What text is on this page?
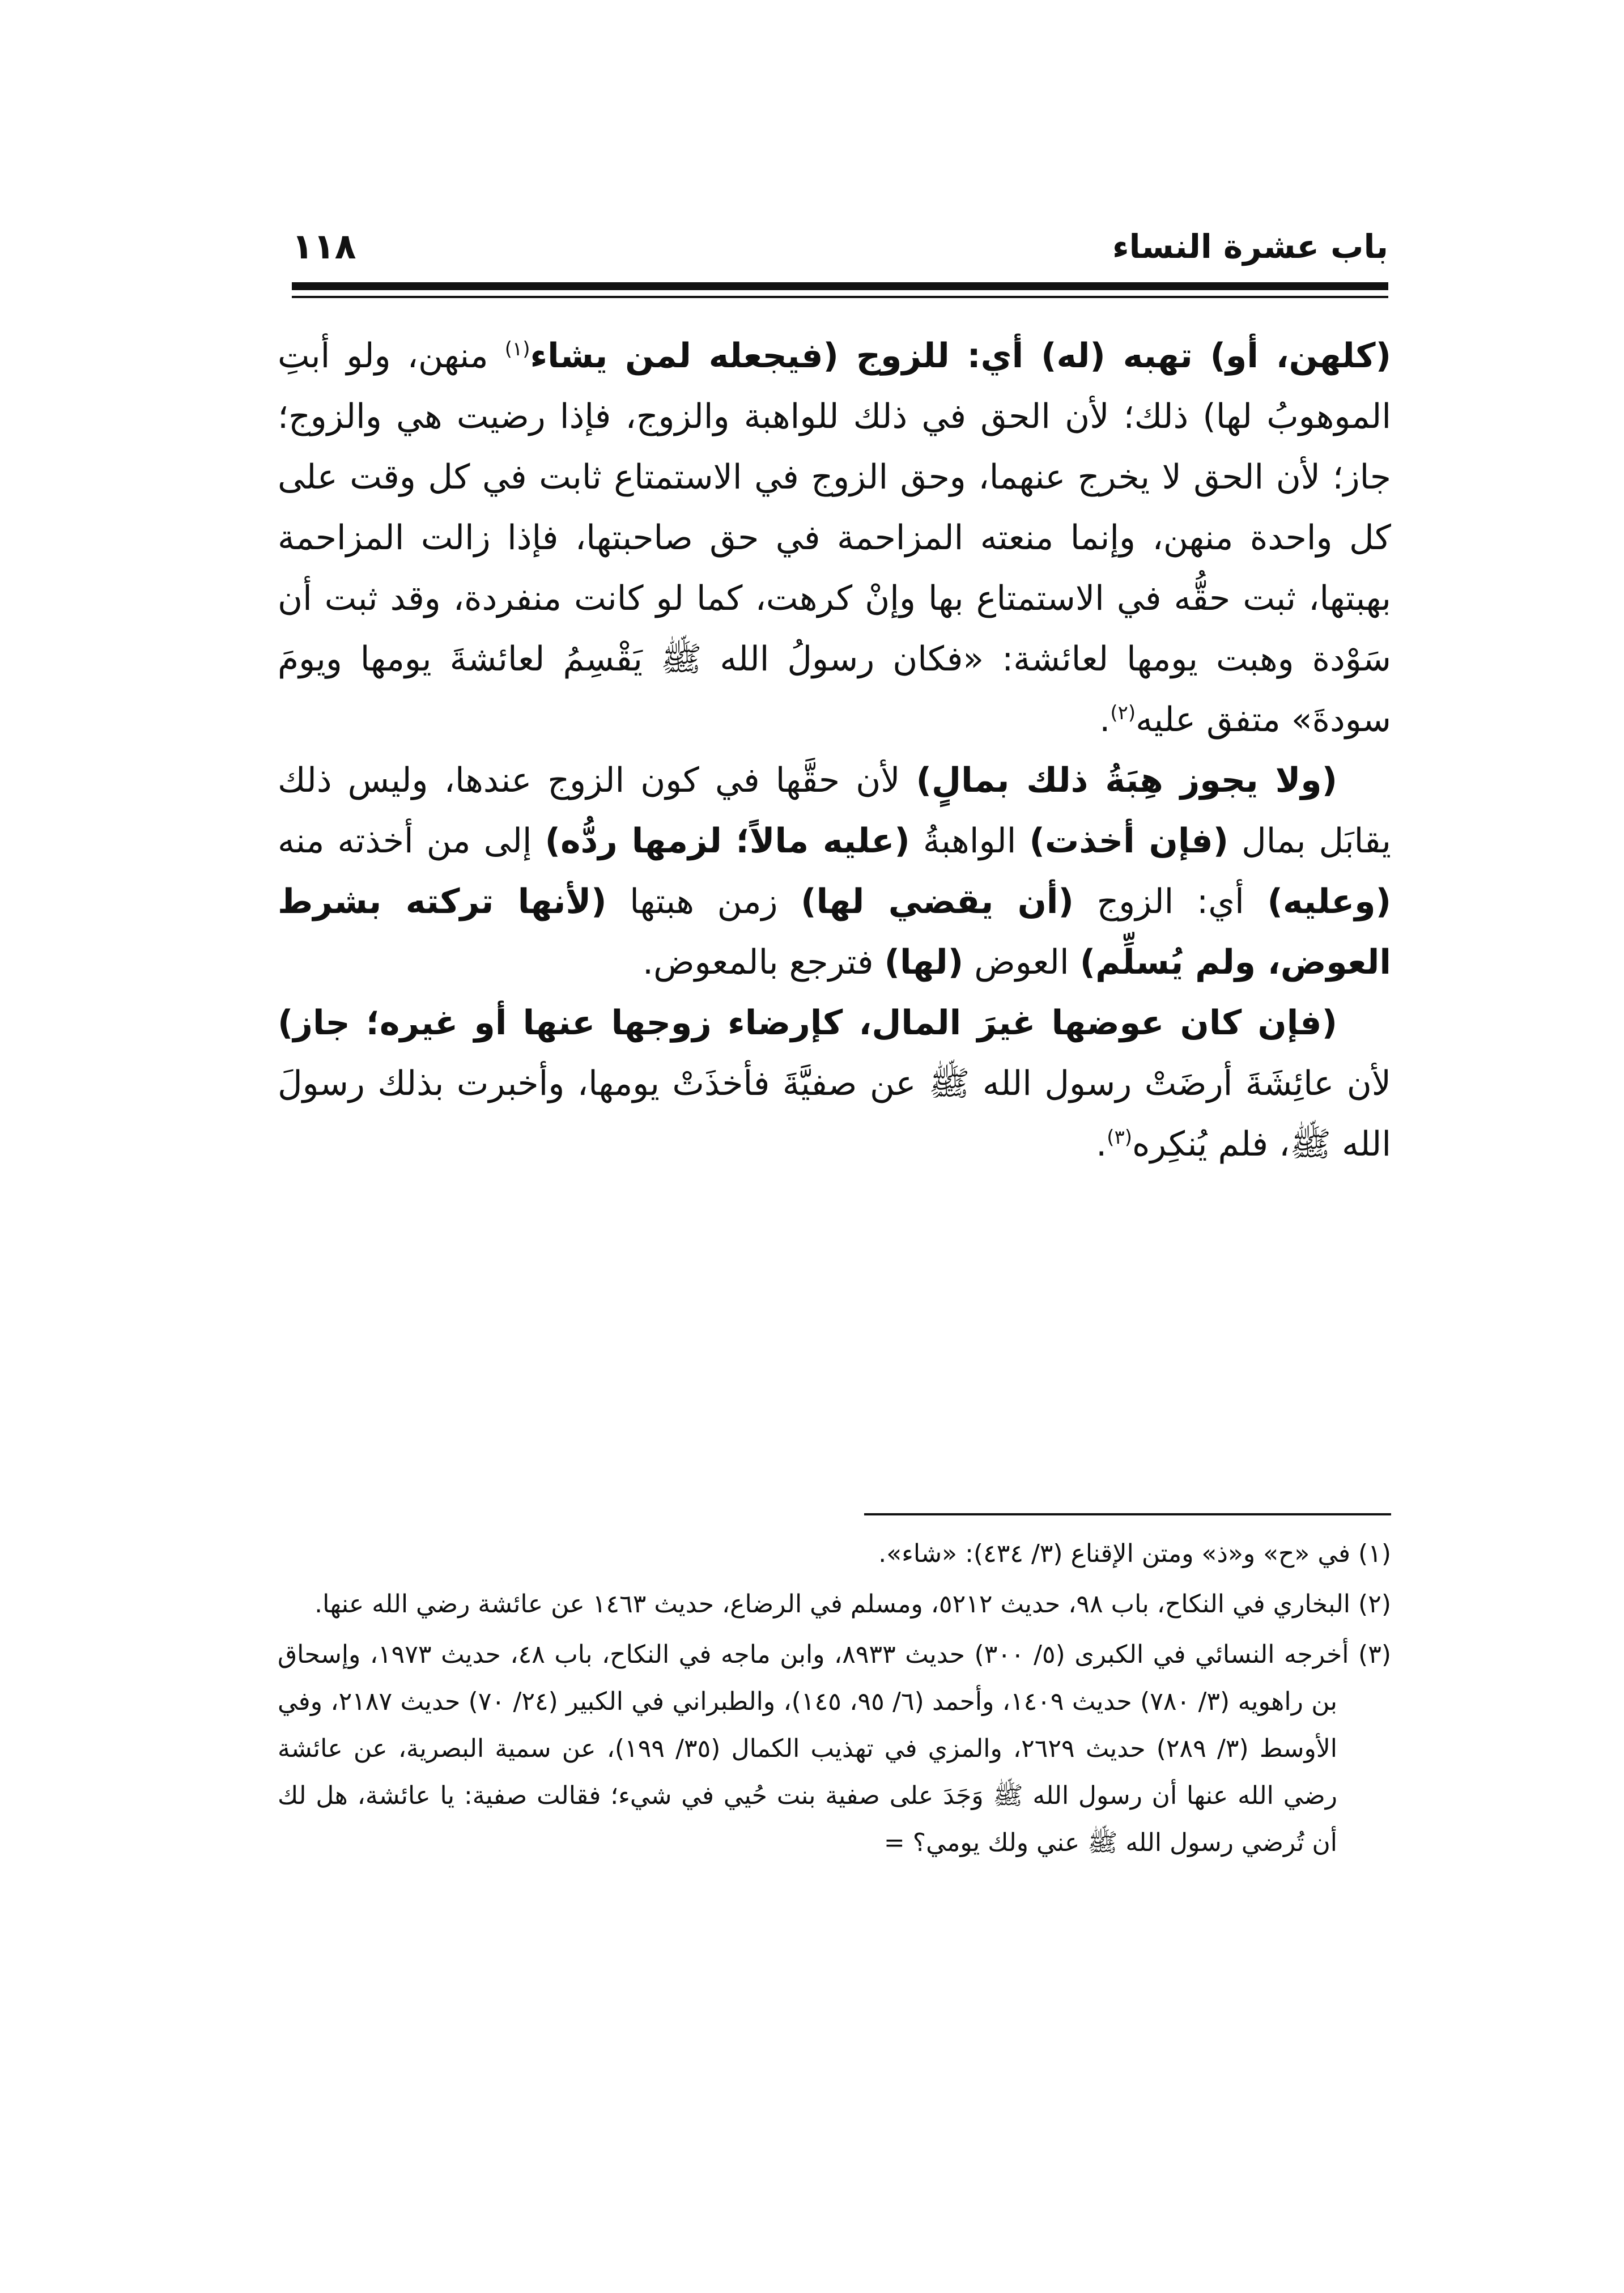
١١٨	باب عشرة النساء

(كلهن، أو) تهبه (له) أي: للزوج (فيجعله لمن يشاء$^{(١)}$ منهن، ولو أبتِ الموهوبُ لها) ذلك؛ لأن الحق في ذلك للواهبة والزوج، فإذا رضيت هي والزوج؛ جاز؛ لأن الحق لا يخرج عنهما، وحق الزوج في الاستمتاع ثابت في كل وقت على كل واحدة منهن، وإنما منعته المزاحمة في حق صاحبتها، فإذا زالت المزاحمة بهبتها، ثبت حقُّه في الاستمتاع بها وإنْ كرهت، كما لو كانت منفردة، وقد ثبت أن سَوْدة وهبت يومها لعائشة: «فكان رسولُ الله ﷺ يَقْسِمُ لعائشةَ يومها ويومَ سودةَ» متفق عليه$^{(٢)}$.

(ولا يجوز هِبَةُ ذلك بمالٍ) لأن حقَّها في كون الزوج عندها، وليس ذلك يقابَل بمال (فإن أخذت) الواهبةُ (عليه مالاً؛ لزمها ردُّه) إلى من أخذته منه (وعليه) أي: الزوج (أن يقضي لها) زمن هبتها (لأنها تركته بشرط العوض، ولم يُسلِّم) العوض (لها) فترجع بالمعوض.

(فإن كان عوضها غيرَ المال، كإرضاء زوجها عنها أو غيره؛ جاز) لأن عائِشَةَ أرضَتْ رسول الله ﷺ عن صفيَّةَ فأخذَتْ يومها، وأخبرت بذلك رسولَ الله ﷺ، فلم يُنكِره$^{(٣)}$.

(١) في «ح» و«ذ» ومتن الإقناع (٣/ ٤٣٤): «شاء».

(٢) البخاري في النكاح، باب ٩٨، حديث ٥٢١٢، ومسلم في الرضاع، حديث ١٤٦٣ عن عائشة رضي الله عنها.

(٣) أخرجه النسائي في الكبرى (٥/ ٣٠٠) حديث ٨٩٣٣، وابن ماجه في النكاح، باب ٤٨، حديث ١٩٧٣، وإسحاق بن راهويه (٣/ ٧٨٠) حديث ١٤٠٩، وأحمد (٦/ ٩٥، ١٤٥)، والطبراني في الكبير (٢٤/ ٧٠) حديث ٢١٨٧، وفي الأوسط (٣/ ٢٨٩) حديث ٢٦٢٩، والمزي في تهذيب الكمال (٣٥/ ١٩٩)، عن سمية البصرية، عن عائشة رضي الله عنها أن رسول الله ﷺ وَجَدَ على صفية بنت حُيي في شيء؛ فقالت صفية: يا عائشة، هل لك أن تُرضي رسول الله ﷺ عني ولك يومي؟ =
